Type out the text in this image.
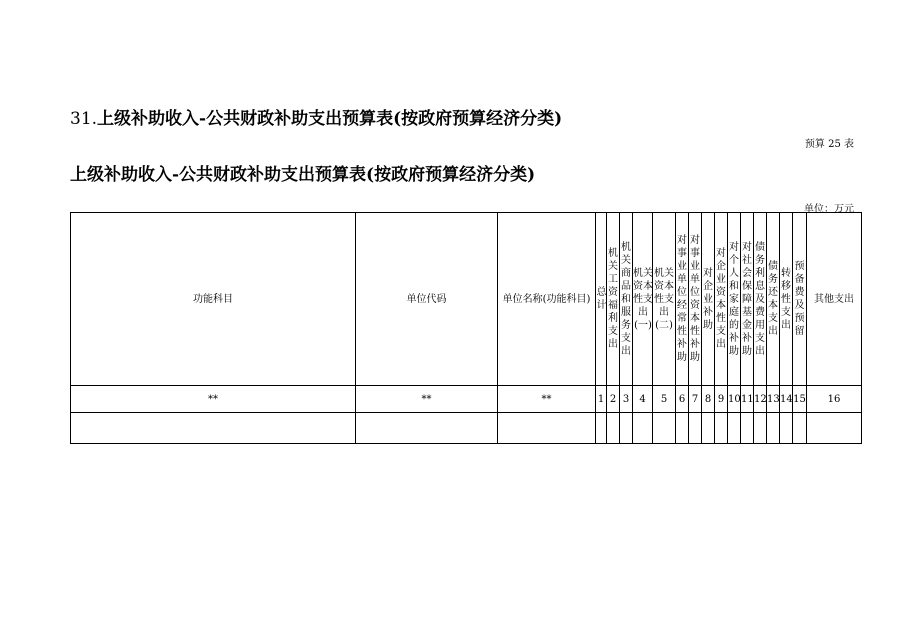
31.上级补助收入-公共财政补助支出预算表(按政府预算经济分类)
预算 25 表
上级补助收入-公共财政补助支出预算表(按政府预算经济分类)
单位：万元
功能科目	单位代码	单位名称(功能科目)	总计	机关工资福利支出	机关商品和服务支出	机关资本性支出(一)	机关资本性支出(二)	对事业单位经常性补助	对事业单位资本性补助	对企业补助	对企业资本性支出	对个人和家庭的补助	对社会保障基金补助	债务利息及费用支出	债务还本支出	转移性支出	预备费及预留	其他支出
**	**	**	1	2	3	4	5	6	7	8	9	10	11	12	13	14	15	16
